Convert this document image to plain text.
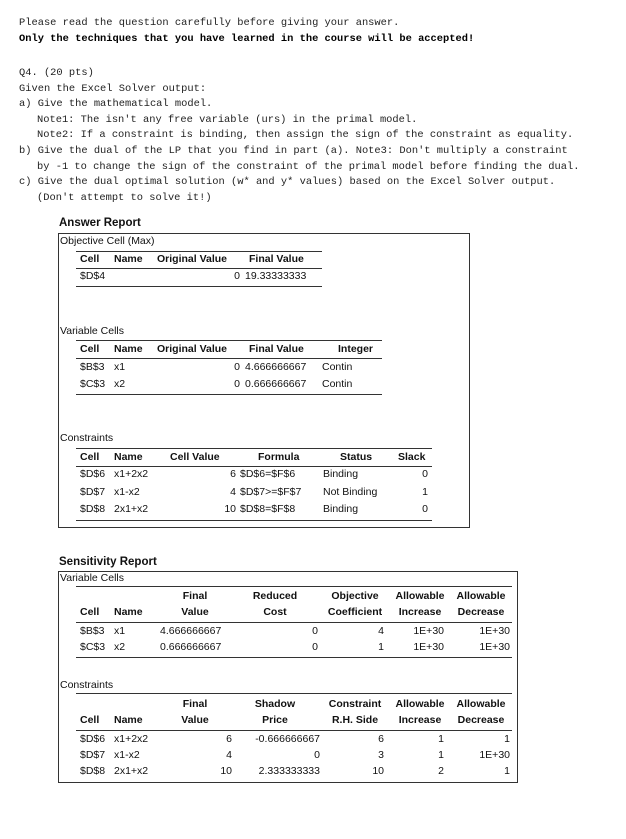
Please read the question carefully before giving your answer.
Only the techniques that you have learned in the course will be accepted!
Q4. (20 pts)
Given the Excel Solver output:
a) Give the mathematical model.
Note1: The isn't any free variable (urs) in the primal model.
Note2: If a constraint is binding, then assign the sign of the constraint as equality.
b) Give the dual of the LP that you find in part (a). Note3: Don't multiply a constraint
by -1 to change the sign of the constraint of the primal model before finding the dual.
c) Give the dual optimal solution (w* and y* values) based on the Excel Solver output.
(Don't attempt to solve it!)
Answer Report
Objective Cell (Max)
Cell Name Original Value Final Value
$D$4	0 19.33333333
Variable Cells
Cell Name Original Value Final Value	Integer
$B$3 x1	0 4.666666667 Contin
$C$3 x2	0 0.666666667 Contin
Constraints
Cell Name	Cell Value	Formula	Status Slack
$D$6 x1+2x2	6 $D$6=$F$6	Binding	0
$D$7 x1-x2	4 $D$7>=$F$7 Not Binding	1
$D$8 2x1+x2	10 $D$8=$F$8	Binding	0
Sensitivity Report
Variable Cells
Final	Reduced	Objective	Allowable	Allowable
Cell Name	Value	Cost	Coefficient	Increase	Decrease
$B$3 x1	4.666666667	0	4	1E+30	1E+30
$C$3 x2	0.666666667	0	1	1E+30	1E+30
Constraints
Final	Shadow	Constraint	Allowable	Allowable
Cell Name	Value	Price	R.H. Side	Increase	Decrease
$D$6 x1+2x2	6	-0.666666667	6	1	1
$D$7 x1-x2	4	0	3	1	1E+30
$D$8 2x1+x2	10	2.333333333	10	2	1
